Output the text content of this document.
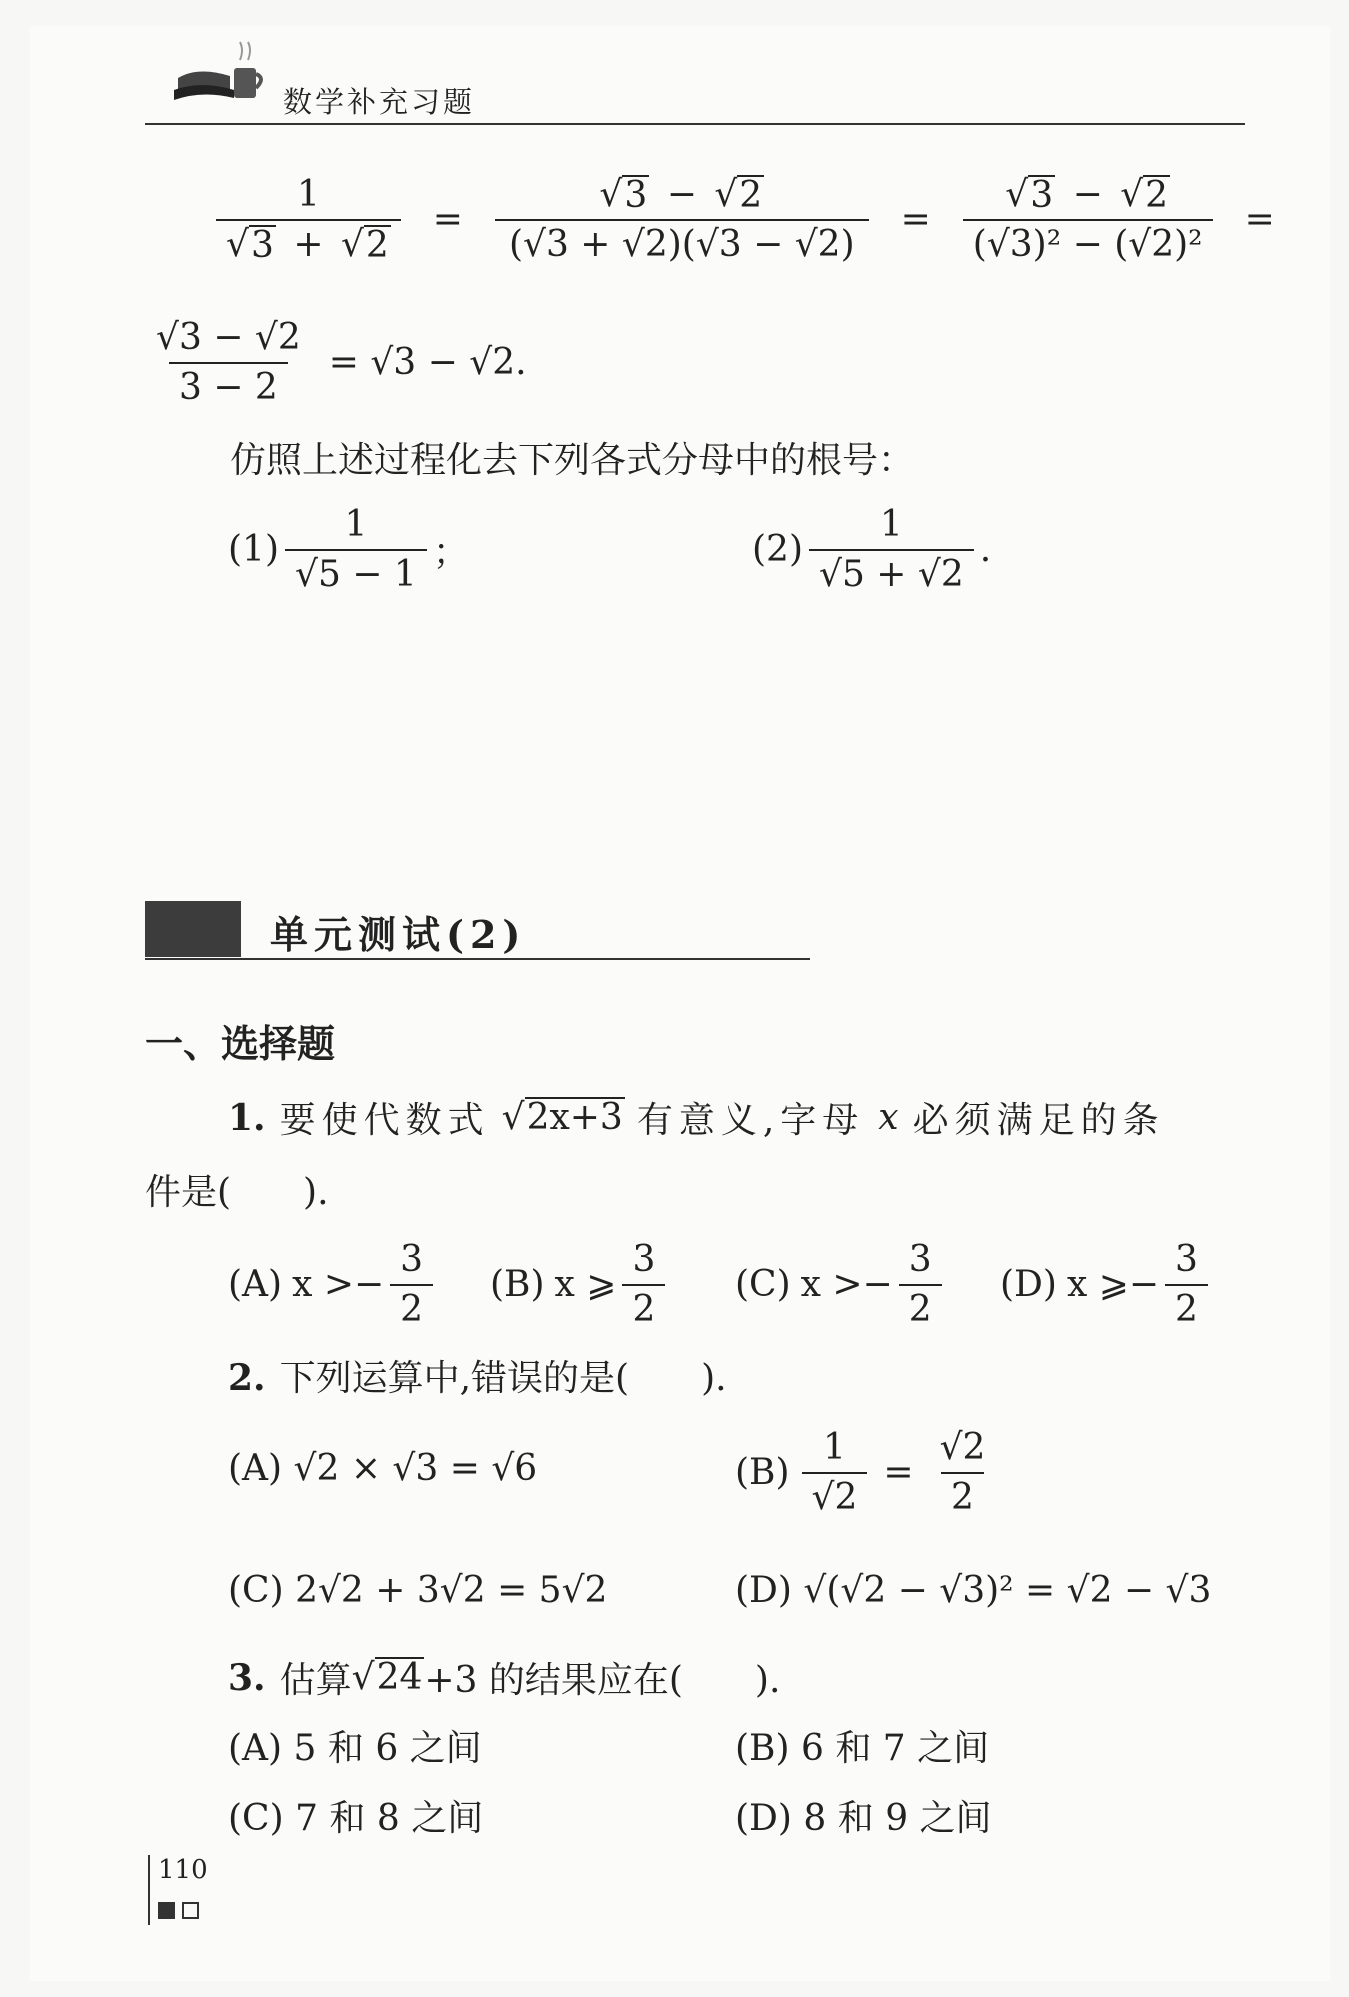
数学补充习题
$\frac{1}{√ 3 + √ 2} = \frac{√ 3 - √ 2}{(√3 + √2)(√3 - √2)} = \frac{√ 3 - √ 2}{\text{(√3)² − (√2)²}}$ =
$\frac{√3 - √2}{3 - 2} = √3 - √2$.
仿照上述过程化去下列各式分母中的根号：
$(1) \frac{1}{√5 - 1}$ ；	$(2) \frac{1}{√5 + √2}$ .
单元测试(2)
一、选择题
1. 要使代数式 √ 2x+3 有意义,字母 x 必须满足的条
件是(　　).
(A) $x >- \frac{3}{2} (B)$ x ⩾ $\frac{3}{2} (C) x >- \frac{3}{2} (D)$ x ⩾− $\frac{3}{2}$
2. 下列运算中,错误的是(　　).
(A) √2 × √3 = √6	$(B) \frac{1}{√2} = \frac{√2}{2}$
(C) 2√2 + 3√2 = 5√2	(D) √(√2 − √3)² = √2 − √3
3. 估算 √ 24 +3 的结果应在(　　).
(A) 5 和 6 之间	(B) 6 和 7 之间
(C) 7 和 8 之间	(D) 8 和 9 之间
110
